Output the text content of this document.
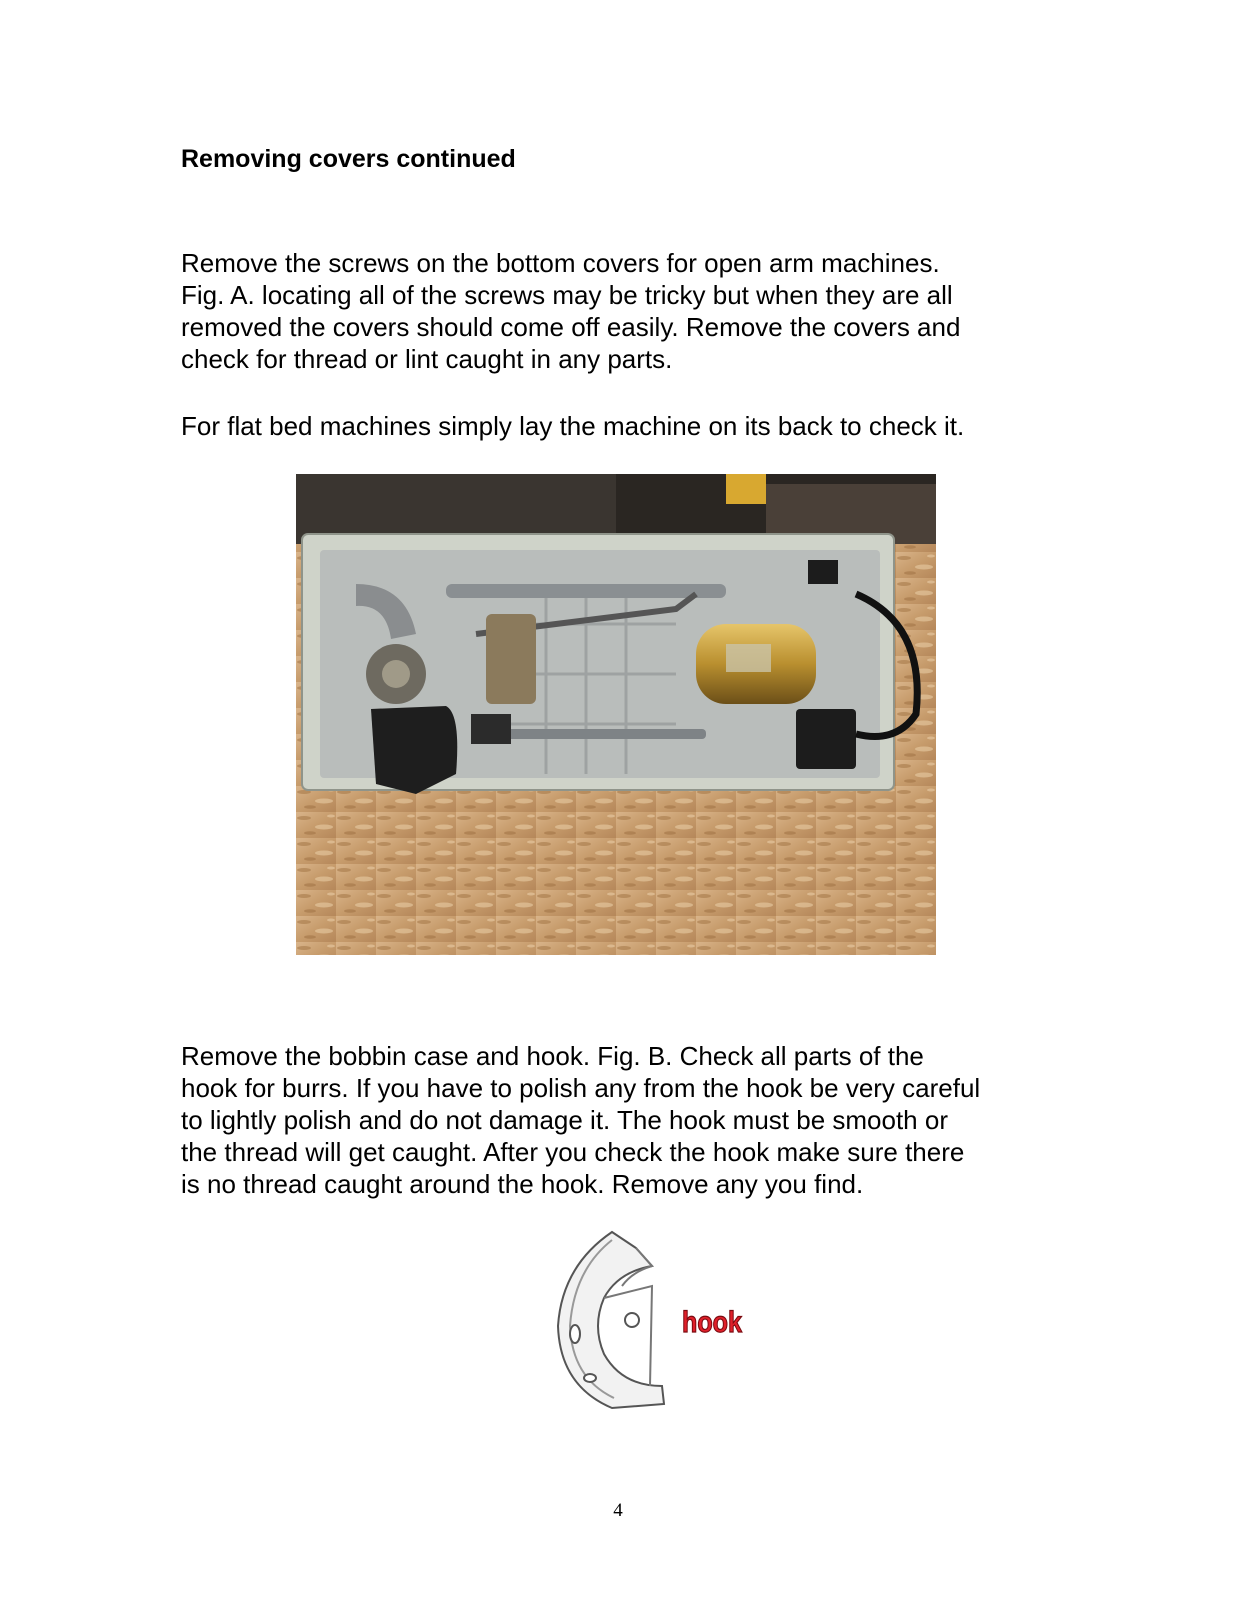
Removing covers continued

Remove the screws on the bottom covers for open arm machines.
Fig. A. locating all of the screws may be tricky but when they are all
removed the covers should come off easily. Remove the covers and
check for thread or lint caught in any parts.

For flat bed machines simply lay the machine on its back to check it.

Remove the bobbin case and hook. Fig. B. Check all parts of the
hook for burrs. If you have to polish any from the hook be very careful
to lightly polish and do not damage it. The hook must be smooth or
the thread will get caught. After you check the hook make sure there
is no thread caught around the hook. Remove any you find.

hook

4
